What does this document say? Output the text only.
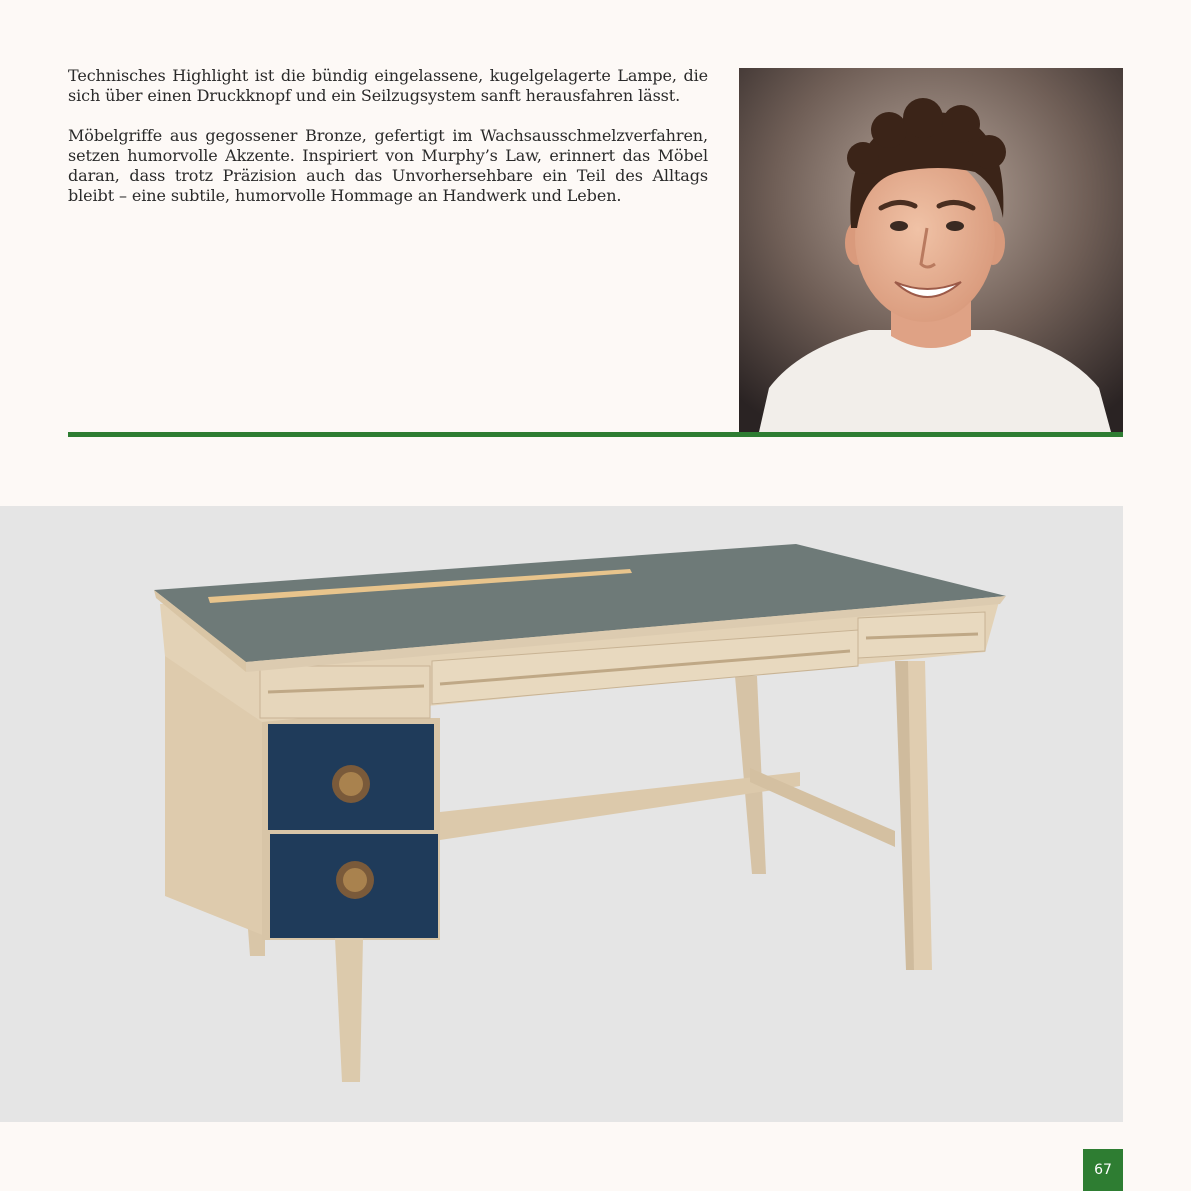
Technisches Highlight ist die bündig eingelassene, kugelgelagerte Lampe, die sich über einen Druckknopf und ein Seilzugsystem sanft herausfahren lässt.

Möbelgriffe aus gegossener Bronze, gefertigt im Wachsausschmelzverfahren, setzen humorvolle Akzente. Inspiriert von Murphy’s Law, erinnert das Möbel daran, dass trotz Präzision auch das Unvorhersehbare ein Teil des Alltags bleibt – eine subtile, humorvolle Hommage an Handwerk und Leben.

67
